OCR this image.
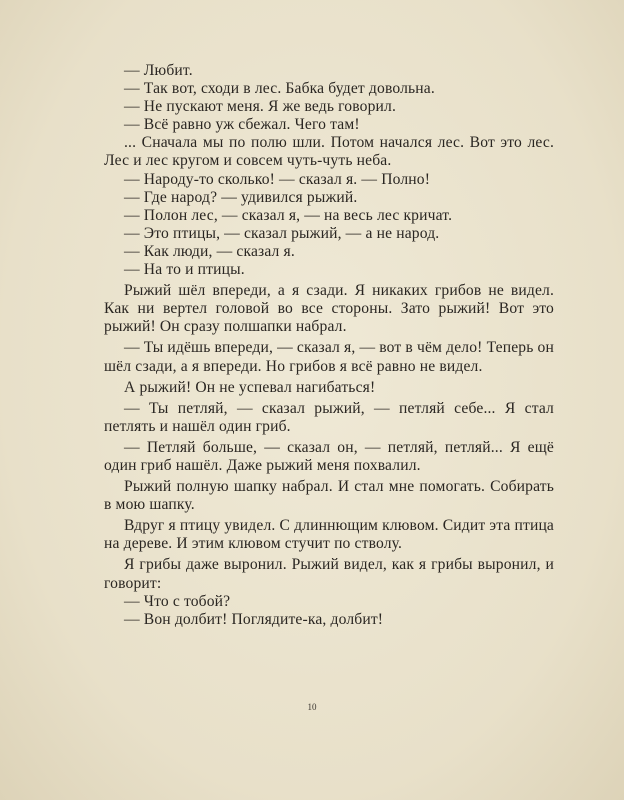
— Любит.

— Так вот, сходи в лес. Бабка будет довольна.

— Не пускают меня. Я же ведь говорил.

— Всё равно уж сбежал. Чего там!

... Сначала мы по полю шли. Потом начался лес. Вот это лес. Лес и лес кругом и совсем чуть-чуть неба.

— Народу-то сколько! — сказал я. — Полно!

— Где народ? — удивился рыжий.

— Полон лес, — сказал я, — на весь лес кричат.

— Это птицы, — сказал рыжий, — а не народ.

— Как люди, — сказал я.

— На то и птицы.

Рыжий шёл впереди, а я сзади. Я никаких грибов не видел. Как ни вертел головой во все стороны. Зато рыжий! Вот это рыжий! Он сразу полшапки набрал.

— Ты идёшь впереди, — сказал я, — вот в чём дело! Теперь он шёл сзади, а я впереди. Но грибов я всё равно не видел.

А рыжий! Он не успевал нагибаться!

— Ты петляй, — сказал рыжий, — петляй себе... Я стал петлять и нашёл один гриб.

— Петляй больше, — сказал он, — петляй, петляй... Я ещё один гриб нашёл. Даже рыжий меня похвалил.

Рыжий полную шапку набрал. И стал мне помогать. Собирать в мою шапку.

Вдруг я птицу увидел. С длиннющим клювом. Сидит эта птица на дереве. И этим клювом стучит по стволу.

Я грибы даже выронил. Рыжий видел, как я грибы выронил, и говорит:

— Что с тобой?

— Вон долбит! Поглядите-ка, долбит!

10
